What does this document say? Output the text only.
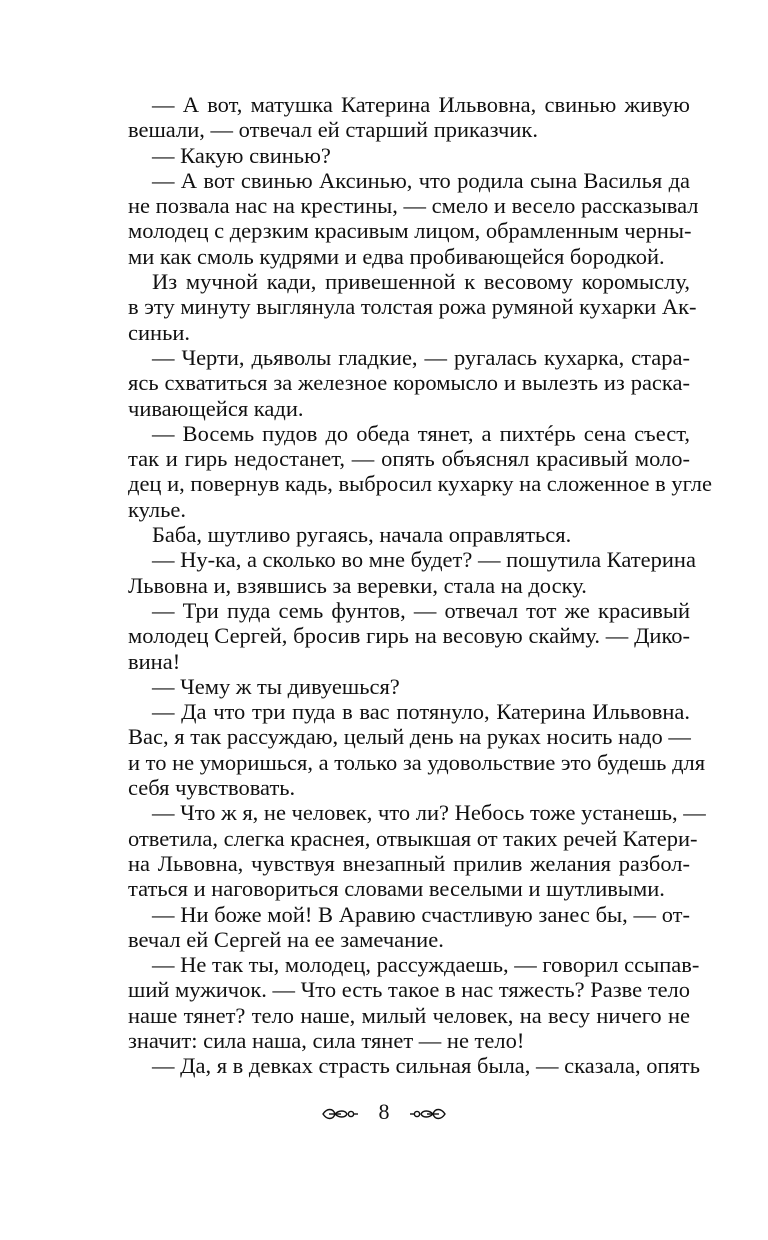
— А вот, матушка Катерина Ильвовна, свинью живую
вешали, — отвечал ей старший приказчик.
— Какую свинью?
— А вот свинью Аксинью, что родила сына Василья да
не позвала нас на крестины, — смело и весело рассказывал
молодец с дерзким красивым лицом, обрамленным черны-
ми как смоль кудрями и едва пробивающейся бородкой.
Из мучной кади, привешенной к весовому коромыслу,
в эту минуту выглянула толстая рожа румяной кухарки Ак-
синьи.
— Черти, дьяволы гладкие, — ругалась кухарка, стара-
ясь схватиться за железное коромысло и вылезть из раска-
чивающейся кади.
— Восемь пудов до обеда тянет, а пихтéрь сена съест,
так и гирь недостанет, — опять объяснял красивый моло-
дец и, повернув кадь, выбросил кухарку на сложенное в угле
кулье.
Баба, шутливо ругаясь, начала оправляться.
— Ну-ка, а сколько во мне будет? — пошутила Катерина
Львовна и, взявшись за веревки, стала на доску.
— Три пуда семь фунтов, — отвечал тот же красивый
молодец Сергей, бросив гирь на весовую скайму. — Дико-
вина!
— Чему ж ты дивуешься?
— Да что три пуда в вас потянуло, Катерина Ильвовна.
Вас, я так рассуждаю, целый день на руках носить надо —
и то не уморишься, а только за удовольствие это будешь для
себя чувствовать.
— Что ж я, не человек, что ли? Небось тоже устанешь, —
ответила, слегка краснея, отвыкшая от таких речей Катери-
на Львовна, чувствуя внезапный прилив желания разбол-
таться и наговориться словами веселыми и шутливыми.
— Ни боже мой! В Аравию счастливую занес бы, — от-
вечал ей Сергей на ее замечание.
— Не так ты, молодец, рассуждаешь, — говорил ссыпав-
ший мужичок. — Что есть такое в нас тяжесть? Разве тело
наше тянет? тело наше, милый человек, на весу ничего не
значит: сила наша, сила тянет — не тело!
— Да, я в девках страсть сильная была, — сказала, опять
8
